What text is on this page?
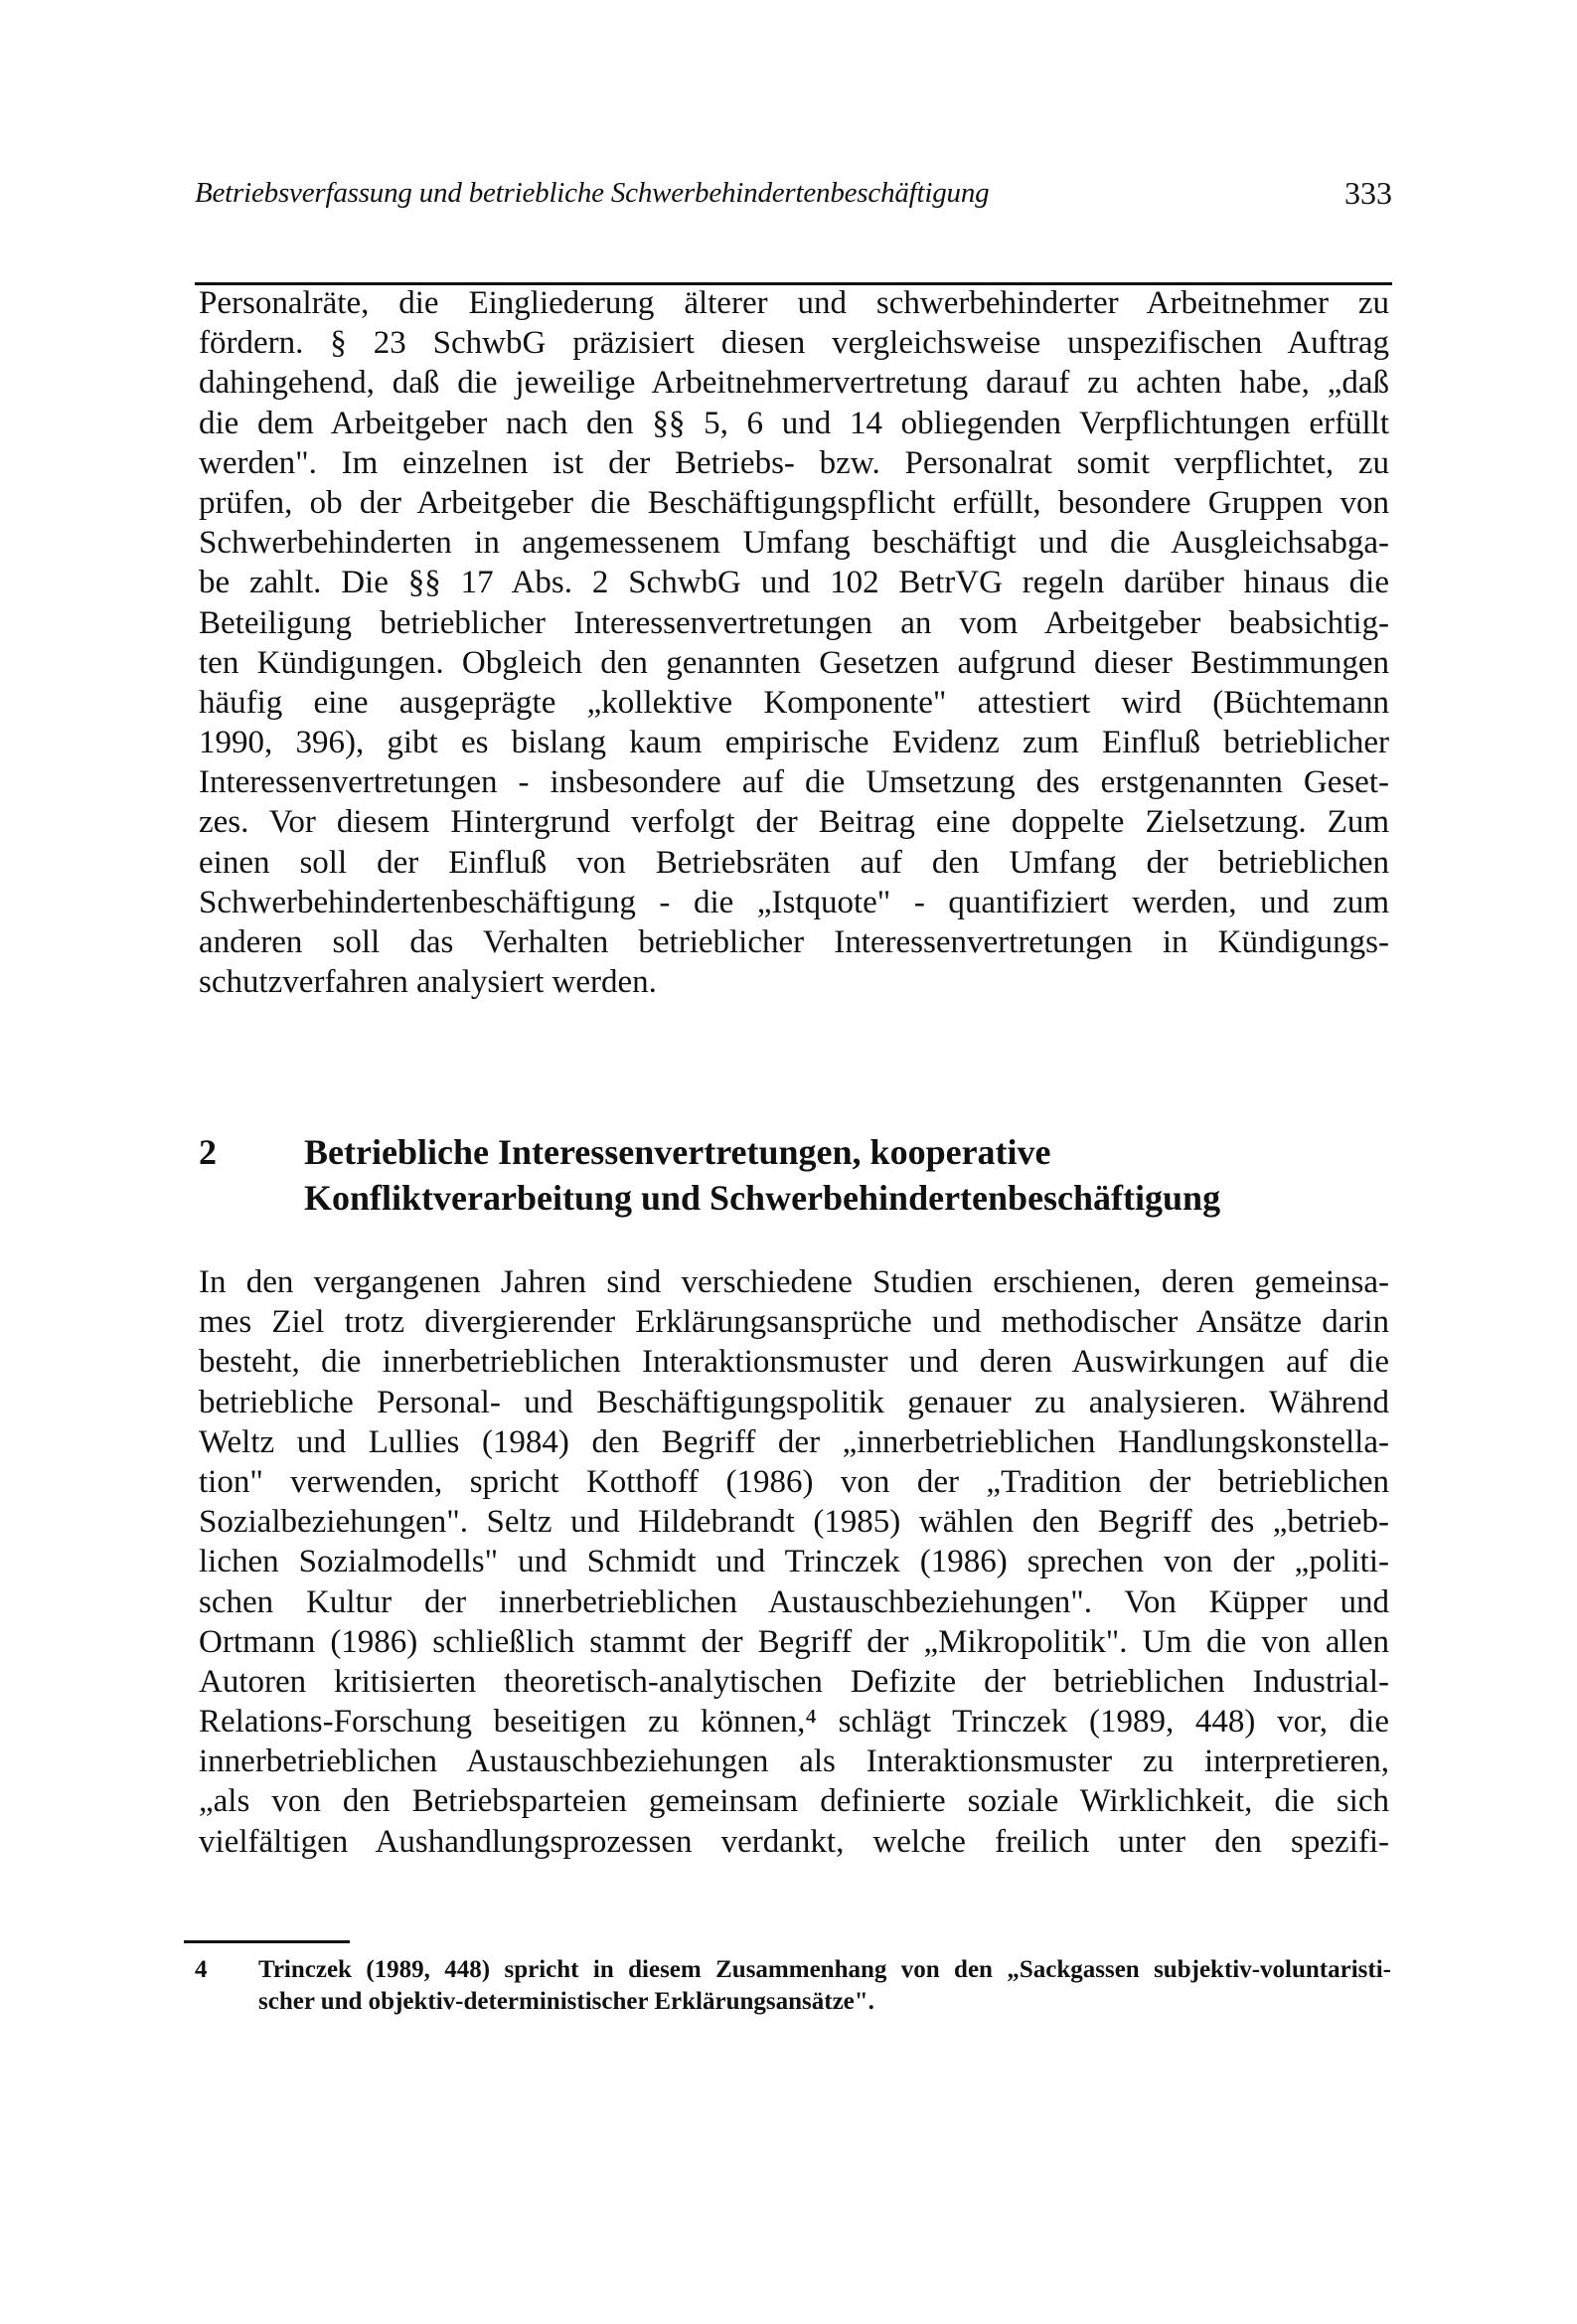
Betriebsverfassung und betriebliche Schwerbehindertenbeschäftigung	333
Personalräte, die Eingliederung älterer und schwerbehinderter Arbeitnehmer zu
fördern. § 23 SchwbG präzisiert diesen vergleichsweise unspezifischen Auftrag
dahingehend, daß die jeweilige Arbeitnehmervertretung darauf zu achten habe, „daß
die dem Arbeitgeber nach den §§ 5, 6 und 14 obliegenden Verpflichtungen erfüllt
werden". Im einzelnen ist der Betriebs- bzw. Personalrat somit verpflichtet, zu
prüfen, ob der Arbeitgeber die Beschäftigungspflicht erfüllt, besondere Gruppen von
Schwerbehinderten in angemessenem Umfang beschäftigt und die Ausgleichsabga-
be zahlt. Die §§ 17 Abs. 2 SchwbG und 102 BetrVG regeln darüber hinaus die
Beteiligung betrieblicher Interessenvertretungen an vom Arbeitgeber beabsichtig-
ten Kündigungen. Obgleich den genannten Gesetzen aufgrund dieser Bestimmungen
häufig eine ausgeprägte „kollektive Komponente" attestiert wird (Büchtemann
1990, 396), gibt es bislang kaum empirische Evidenz zum Einfluß betrieblicher
Interessenvertretungen - insbesondere auf die Umsetzung des erstgenannten Geset-
zes. Vor diesem Hintergrund verfolgt der Beitrag eine doppelte Zielsetzung. Zum
einen soll der Einfluß von Betriebsräten auf den Umfang der betrieblichen
Schwerbehindertenbeschäftigung - die „Istquote" - quantifiziert werden, und zum
anderen soll das Verhalten betrieblicher Interessenvertretungen in Kündigungs-
schutzverfahren analysiert werden.
2 Betriebliche Interessenvertretungen, kooperative
Konfliktverarbeitung und Schwerbehindertenbeschäftigung
In den vergangenen Jahren sind verschiedene Studien erschienen, deren gemeinsa-
mes Ziel trotz divergierender Erklärungsansprüche und methodischer Ansätze darin
besteht, die innerbetrieblichen Interaktionsmuster und deren Auswirkungen auf die
betriebliche Personal- und Beschäftigungspolitik genauer zu analysieren. Während
Weltz und Lullies (1984) den Begriff der „innerbetrieblichen Handlungskonstella-
tion" verwenden, spricht Kotthoff (1986) von der „Tradition der betrieblichen
Sozialbeziehungen". Seltz und Hildebrandt (1985) wählen den Begriff des „betrieb-
lichen Sozialmodells" und Schmidt und Trinczek (1986) sprechen von der „politi-
schen Kultur der innerbetrieblichen Austauschbeziehungen". Von Küpper und
Ortmann (1986) schließlich stammt der Begriff der „Mikropolitik". Um die von allen
Autoren kritisierten theoretisch-analytischen Defizite der betrieblichen Industrial-
Relations-Forschung beseitigen zu können,⁴ schlägt Trinczek (1989, 448) vor, die
innerbetrieblichen Austauschbeziehungen als Interaktionsmuster zu interpretieren,
„als von den Betriebsparteien gemeinsam definierte soziale Wirklichkeit, die sich
vielfältigen Aushandlungsprozessen verdankt, welche freilich unter den spezifi-
4 Trinczek (1989, 448) spricht in diesem Zusammenhang von den „Sackgassen subjektiv-voluntaristi-
scher und objektiv-deterministischer Erklärungsansätze".
